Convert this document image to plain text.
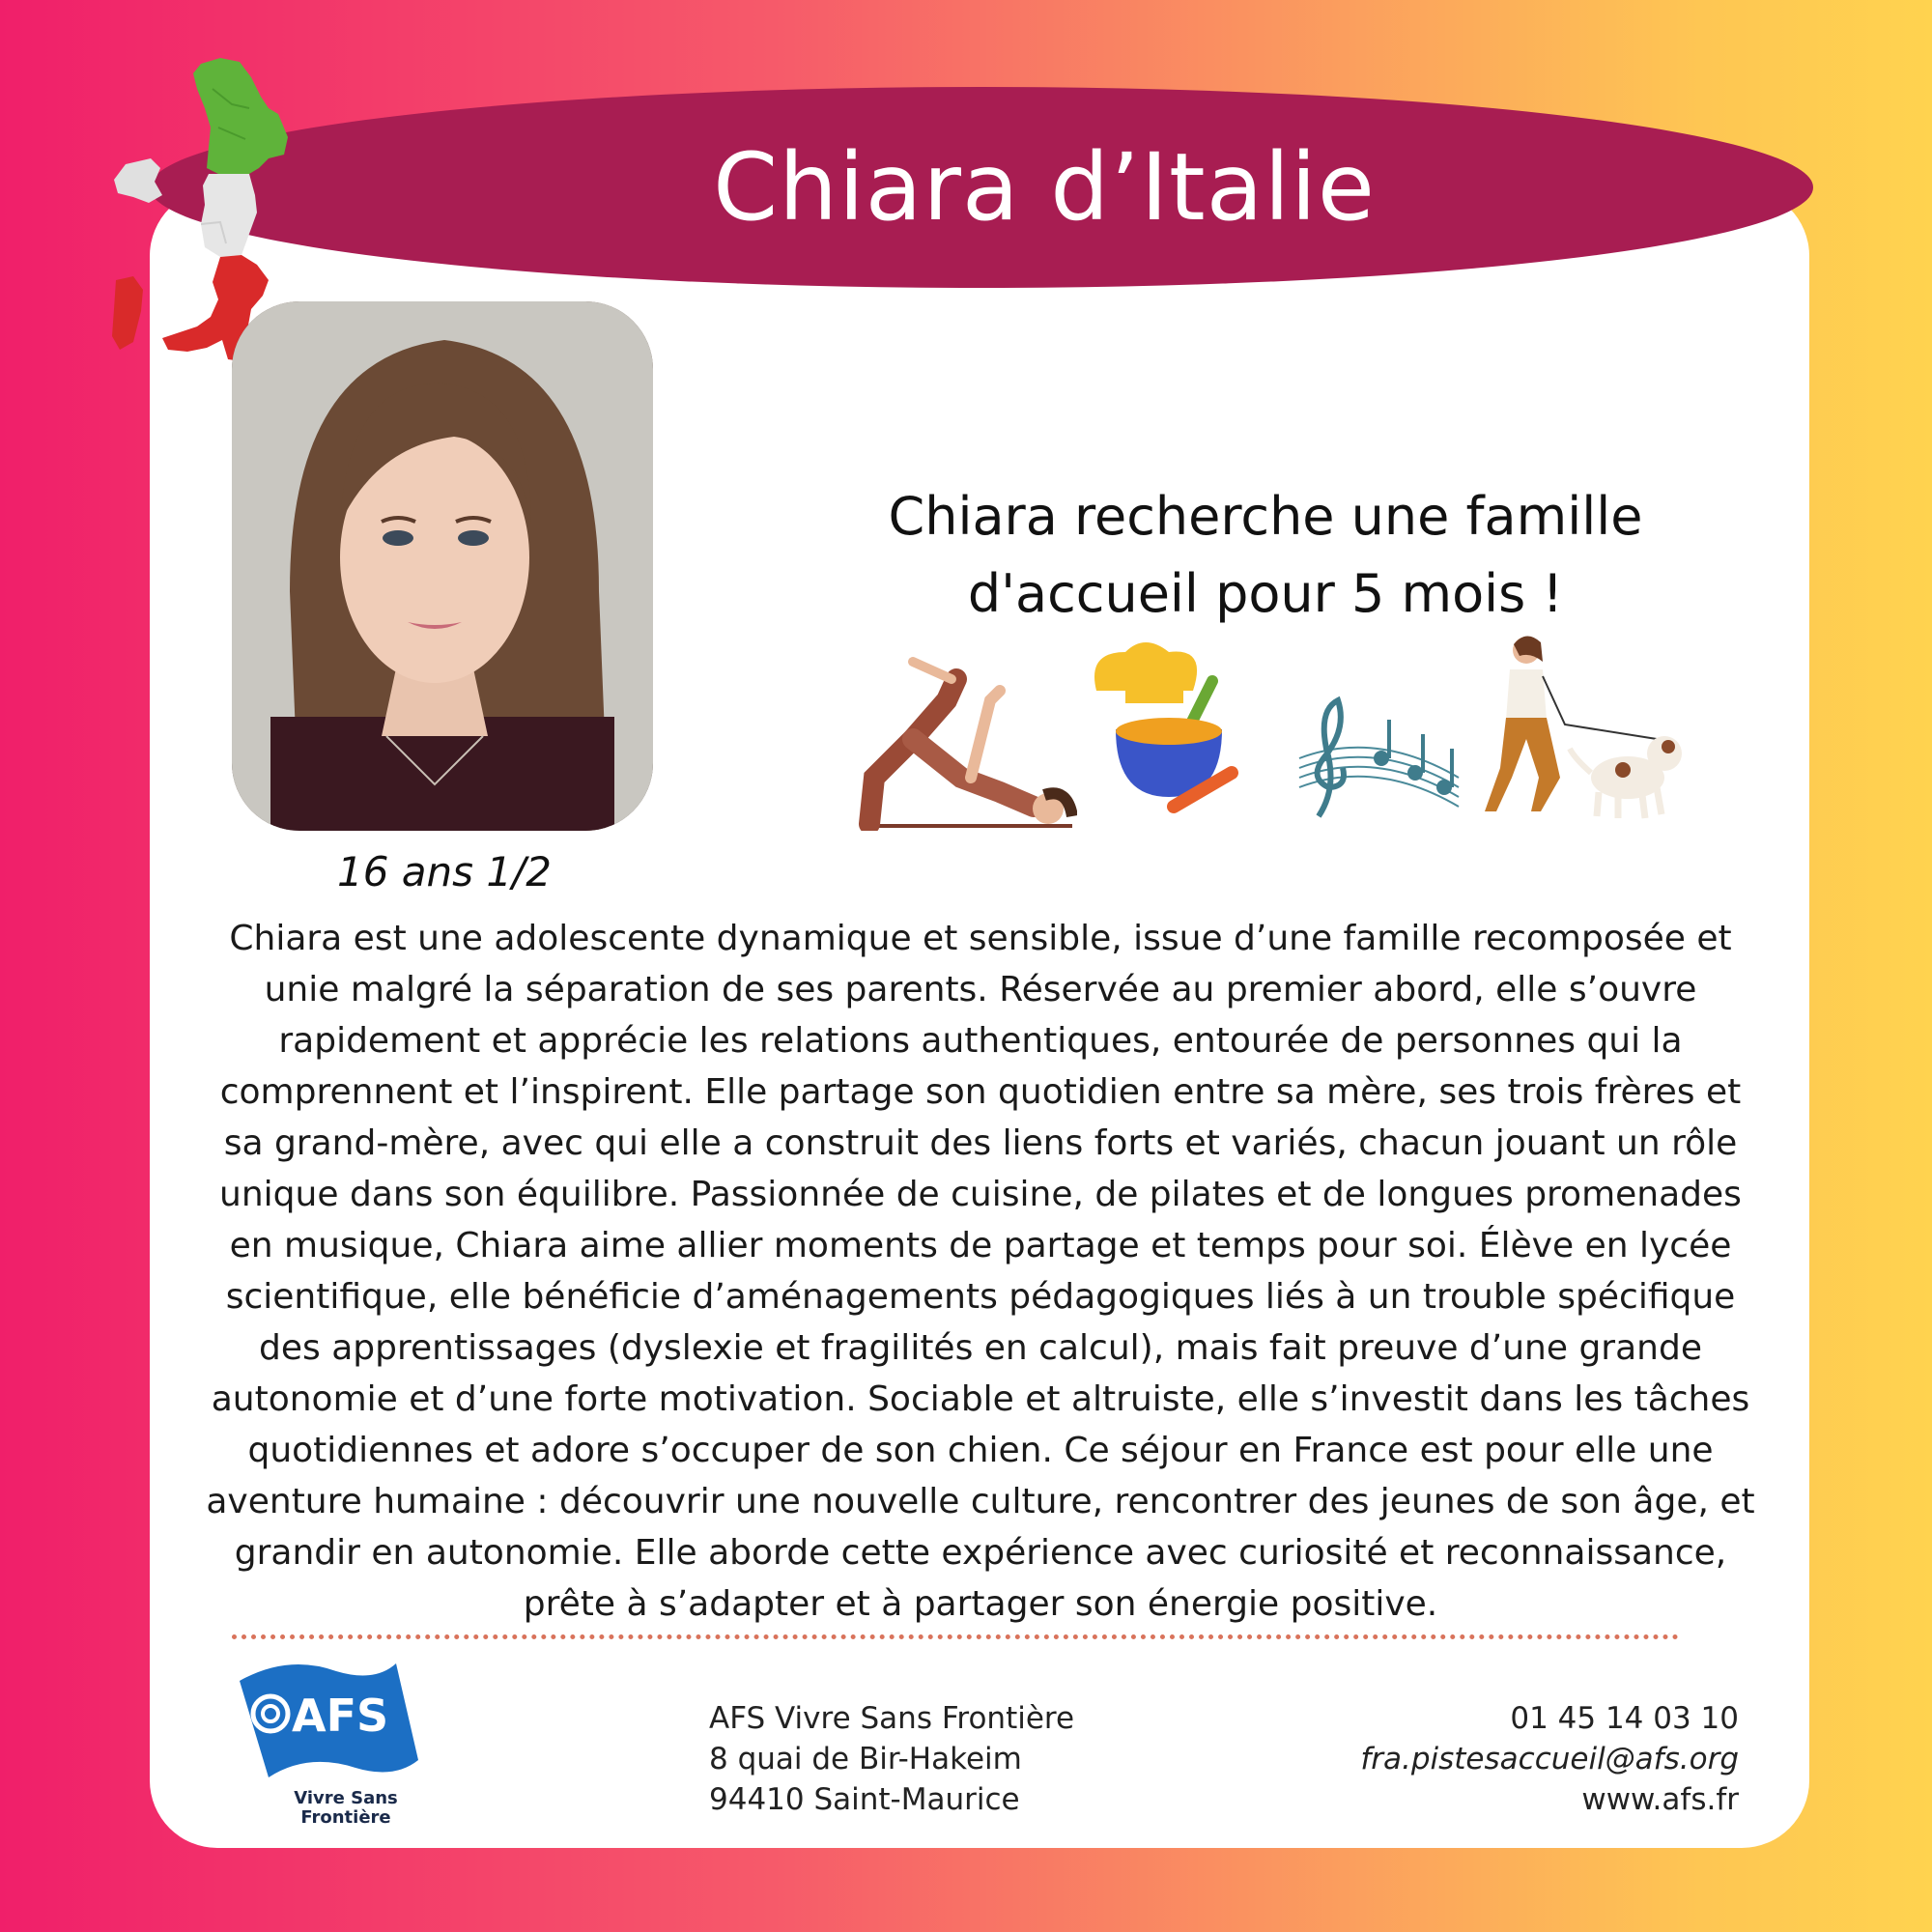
Chiara d’Italie
16 ans 1/2
Chiara recherche une famille
d'accueil pour 5 mois !
Chiara est une adolescente dynamique et sensible, issue d’une famille recomposée et unie malgré la séparation de ses parents. Réservée au premier abord, elle s’ouvre rapidement et apprécie les relations authentiques, entourée de personnes qui la comprennent et l’inspirent. Elle partage son quotidien entre sa mère, ses trois frères et sa grand-mère, avec qui elle a construit des liens forts et variés, chacun jouant un rôle unique dans son équilibre. Passionnée de cuisine, de pilates et de longues promenades en musique, Chiara aime allier moments de partage et temps pour soi. Élève en lycée scientifique, elle bénéficie d’aménagements pédagogiques liés à un trouble spécifique des apprentissages (dyslexie et fragilités en calcul), mais fait preuve d’une grande autonomie et d’une forte motivation. Sociable et altruiste, elle s’investit dans les tâches quotidiennes et adore s’occuper de son chien. Ce séjour en France est pour elle une aventure humaine : découvrir une nouvelle culture, rencontrer des jeunes de son âge, et grandir en autonomie. Elle aborde cette expérience avec curiosité et reconnaissance, prête à s’adapter et à partager son énergie positive.
AFS
Vivre Sans
Frontière
AFS Vivre Sans Frontière
8 quai de Bir-Hakeim
94410 Saint-Maurice
01 45 14 03 10
fra.pistesaccueil@afs.org
www.afs.fr
